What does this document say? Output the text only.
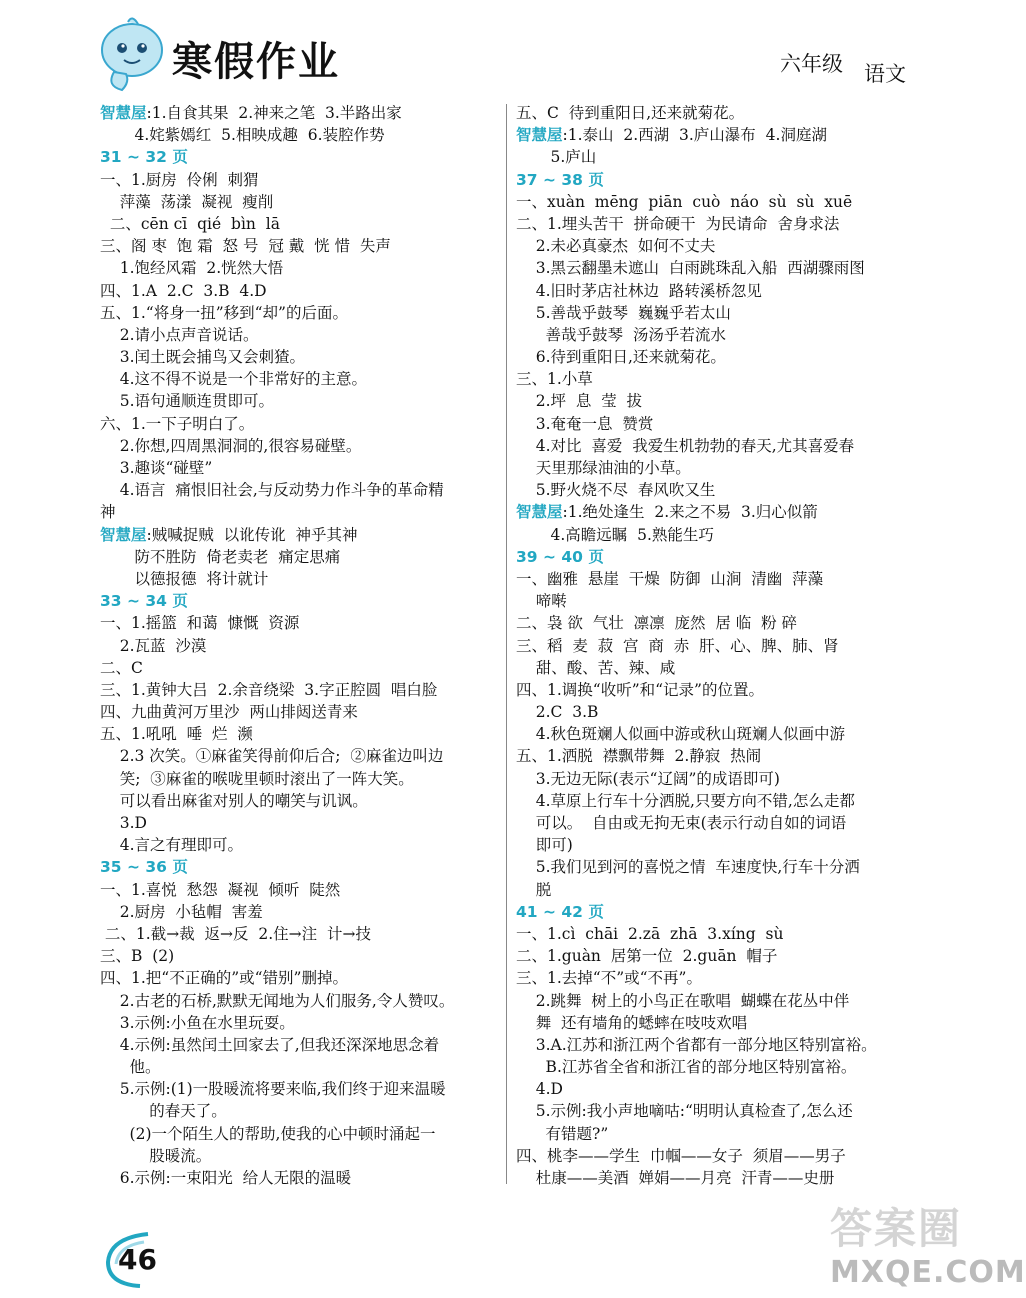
寒假作业	六年级 语文
智慧屋:1.自食其果  2.神来之笔  3.半路出家
4.姹紫嫣红  5.相映成趣  6.装腔作势
31 ~ 32 页
一、1.厨房  伶俐  刺猬
萍藻  荡漾  凝视  瘦削
二、cēn cī  qié  bìn  lā
三、阁 枣  饱 霜  怒 号  冠 戴  恍 惜  失声
1.饱经风霜  2.恍然大悟
四、1.A  2.C  3.B  4.D
五、1.“将身一扭”移到“却”的后面。
2.请小点声音说话。
3.闰土既会捕鸟又会刺猹。
4.这不得不说是一个非常好的主意。
5.语句通顺连贯即可。
六、1.一下子明白了。
2.你想,四周黑洞洞的,很容易碰壁。
3.趣谈“碰壁”
4.语言  痛恨旧社会,与反动势力作斗争的革命精
神
智慧屋:贼喊捉贼  以讹传讹  神乎其神
防不胜防  倚老卖老  痛定思痛
以德报德  将计就计
33 ~ 34 页
一、1.摇篮  和蔼  慷慨  资源
2.瓦蓝  沙漠
二、C
三、1.黄钟大吕  2.余音绕梁  3.字正腔圆  唱白脸
四、九曲黄河万里沙  两山排闼送青来
五、1.吼吼  唾  烂  濒
2.3 次笑。①麻雀笑得前仰后合;  ②麻雀边叫边
笑;  ③麻雀的喉咙里顿时滚出了一阵大笑。
可以看出麻雀对别人的嘲笑与讥讽。
3.D
4.言之有理即可。
35 ~ 36 页
一、1.喜悦  愁怨  凝视  倾听  陡然
2.厨房  小毡帽  害羞
二、1.截→裁  返→反  2.住→注  计→技
三、B  (2)
四、1.把“不正确的”或“错别”删掉。
2.古老的石桥,默默无闻地为人们服务,令人赞叹。
3.示例:小鱼在水里玩耍。
4.示例:虽然闰土回家去了,但我还深深地思念着
他。
5.示例:(1)一股暖流将要来临,我们终于迎来温暖
的春天了。
(2)一个陌生人的帮助,使我的心中顿时涌起一
股暖流。
6.示例:一束阳光  给人无限的温暖
五、C  待到重阳日,还来就菊花。
智慧屋:1.泰山  2.西湖  3.庐山瀑布  4.洞庭湖
5.庐山
37 ~ 38 页
一、xuàn  mēng  piān  cuò  náo  sù  sù  xuē
二、1.埋头苦干  拼命硬干  为民请命  舍身求法
2.未必真豪杰  如何不丈夫
3.黑云翻墨未遮山  白雨跳珠乱入船  西湖骤雨图
4.旧时茅店社林边  路转溪桥忽见
5.善哉乎鼓琴  巍巍乎若太山
善哉乎鼓琴  汤汤乎若流水
6.待到重阳日,还来就菊花。
三、1.小草
2.坪  息  莹  拔
3.奄奄一息  赞赏
4.对比  喜爱  我爱生机勃勃的春天,尤其喜爱春
天里那绿油油的小草。
5.野火烧不尽  春风吹又生
智慧屋:1.绝处逢生  2.来之不易  3.归心似箭
4.高瞻远瞩  5.熟能生巧
39 ~ 40 页
一、幽雅  悬崖  干燥  防御  山涧  清幽  萍藻
啼啭
二、袅 欲  气壮  凛凛  庞然  居 临  粉 碎
三、稻  麦  菽  宫  商  赤  肝、心、脾、肺、肾
甜、酸、苦、辣、咸
四、1.调换“收听”和“记录”的位置。
2.C  3.B
4.秋色斑斓人似画中游或秋山斑斓人似画中游
五、1.洒脱  襟飘带舞  2.静寂  热闹
3.无边无际(表示“辽阔”的成语即可)
4.草原上行车十分洒脱,只要方向不错,怎么走都
可以。  自由或无拘无束(表示行动自如的词语
即可)
5.我们见到河的喜悦之情  车速度快,行车十分洒
脱
41 ~ 42 页
一、1.cì  chāi  2.zā  zhā  3.xíng  sù
二、1.guàn  居第一位  2.guān  帽子
三、1.去掉“不”或“不再”。
2.跳舞  树上的小鸟正在歌唱  蝴蝶在花丛中伴
舞  还有墙角的蟋蟀在吱吱欢唱
3.A.江苏和浙江两个省都有一部分地区特别富裕。
B.江苏省全省和浙江省的部分地区特别富裕。
4.D
5.示例:我小声地嘀咕:“明明认真检查了,怎么还
有错题?”
四、桃李——学生  巾帼——女子  须眉——男子
杜康——美酒  婵娟——月亮  汗青——史册
46
答案圈
MXQE.COM
